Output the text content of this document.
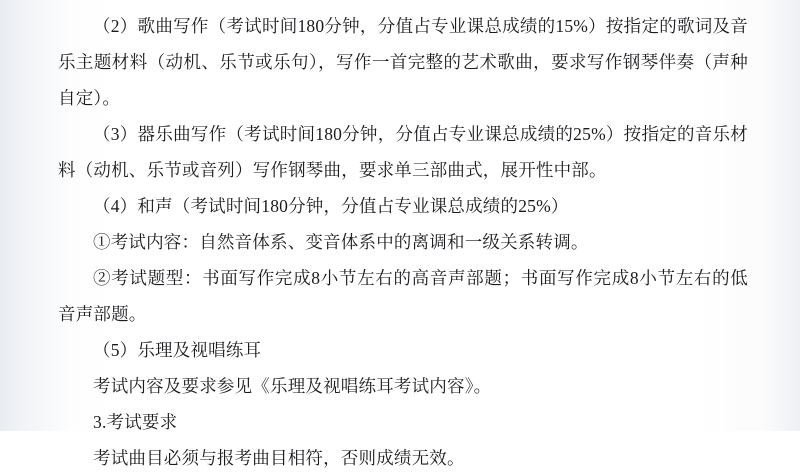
（2）歌曲写作（考试时间180分钟，分值占专业课总成绩的15%）按指定的歌词及音乐主题材料（动机、乐节或乐句），写作一首完整的艺术歌曲，要求写作钢琴伴奏（声种自定）。

（3）器乐曲写作（考试时间180分钟，分值占专业课总成绩的25%）按指定的音乐材料（动机、乐节或音列）写作钢琴曲，要求单三部曲式，展开性中部。

（4）和声（考试时间180分钟，分值占专业课总成绩的25%）

①考试内容：自然音体系、变音体系中的离调和一级关系转调。

②考试题型：书面写作完成8小节左右的高音声部题；书面写作完成8小节左右的低音声部题。

（5）乐理及视唱练耳

考试内容及要求参见《乐理及视唱练耳考试内容》。

3.考试要求

考试曲目必须与报考曲目相符，否则成绩无效。
